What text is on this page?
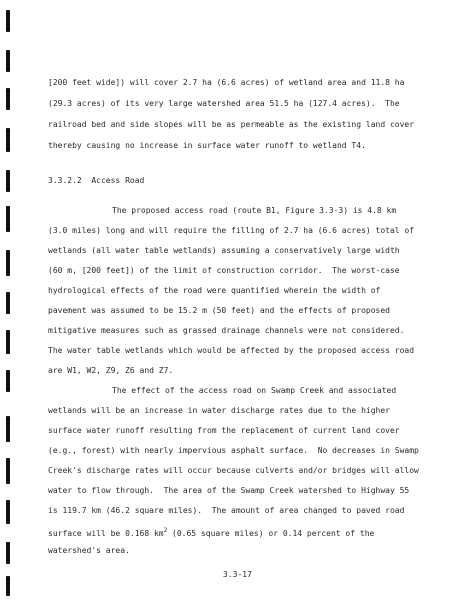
[200 feet wide]) will cover 2.7 ha (6.6 acres) of wetland area and 11.8 ha
(29.3 acres) of its very large watershed area 51.5 ha (127.4 acres).  The
railroad bed and side slopes will be as permeable as the existing land cover
thereby causing no increase in surface water runoff to wetland T4.
3.3.2.2  Access Road
The proposed access road (route B1, Figure 3.3-3) is 4.8 km
(3.0 miles) long and will require the filling of 2.7 ha (6.6 acres) total of
wetlands (all water table wetlands) assuming a conservatively large width
(60 m, [200 feet]) of the limit of construction corridor.  The worst-case
hydrological effects of the road were quantified wherein the width of
pavement was assumed to be 15.2 m (50 feet) and the effects of proposed
mitigative measures such as grassed drainage channels were not considered.
The water table wetlands which would be affected by the proposed access road
are W1, W2, Z9, Z6 and Z7.
The effect of the access road on Swamp Creek and associated
wetlands will be an increase in water discharge rates due to the higher
surface water runoff resulting from the replacement of current land cover
(e.g., forest) with nearly impervious asphalt surface.  No decreases in Swamp
Creek's discharge rates will occur because culverts and/or bridges will allow
water to flow through.  The area of the Swamp Creek watershed to Highway 55
is 119.7 km (46.2 square miles).  The amount of area changed to paved road
3.3-17
surface will be 0.168 $km^2$ (0.65 square miles) or 0.14 percent of the
watershed's area.
